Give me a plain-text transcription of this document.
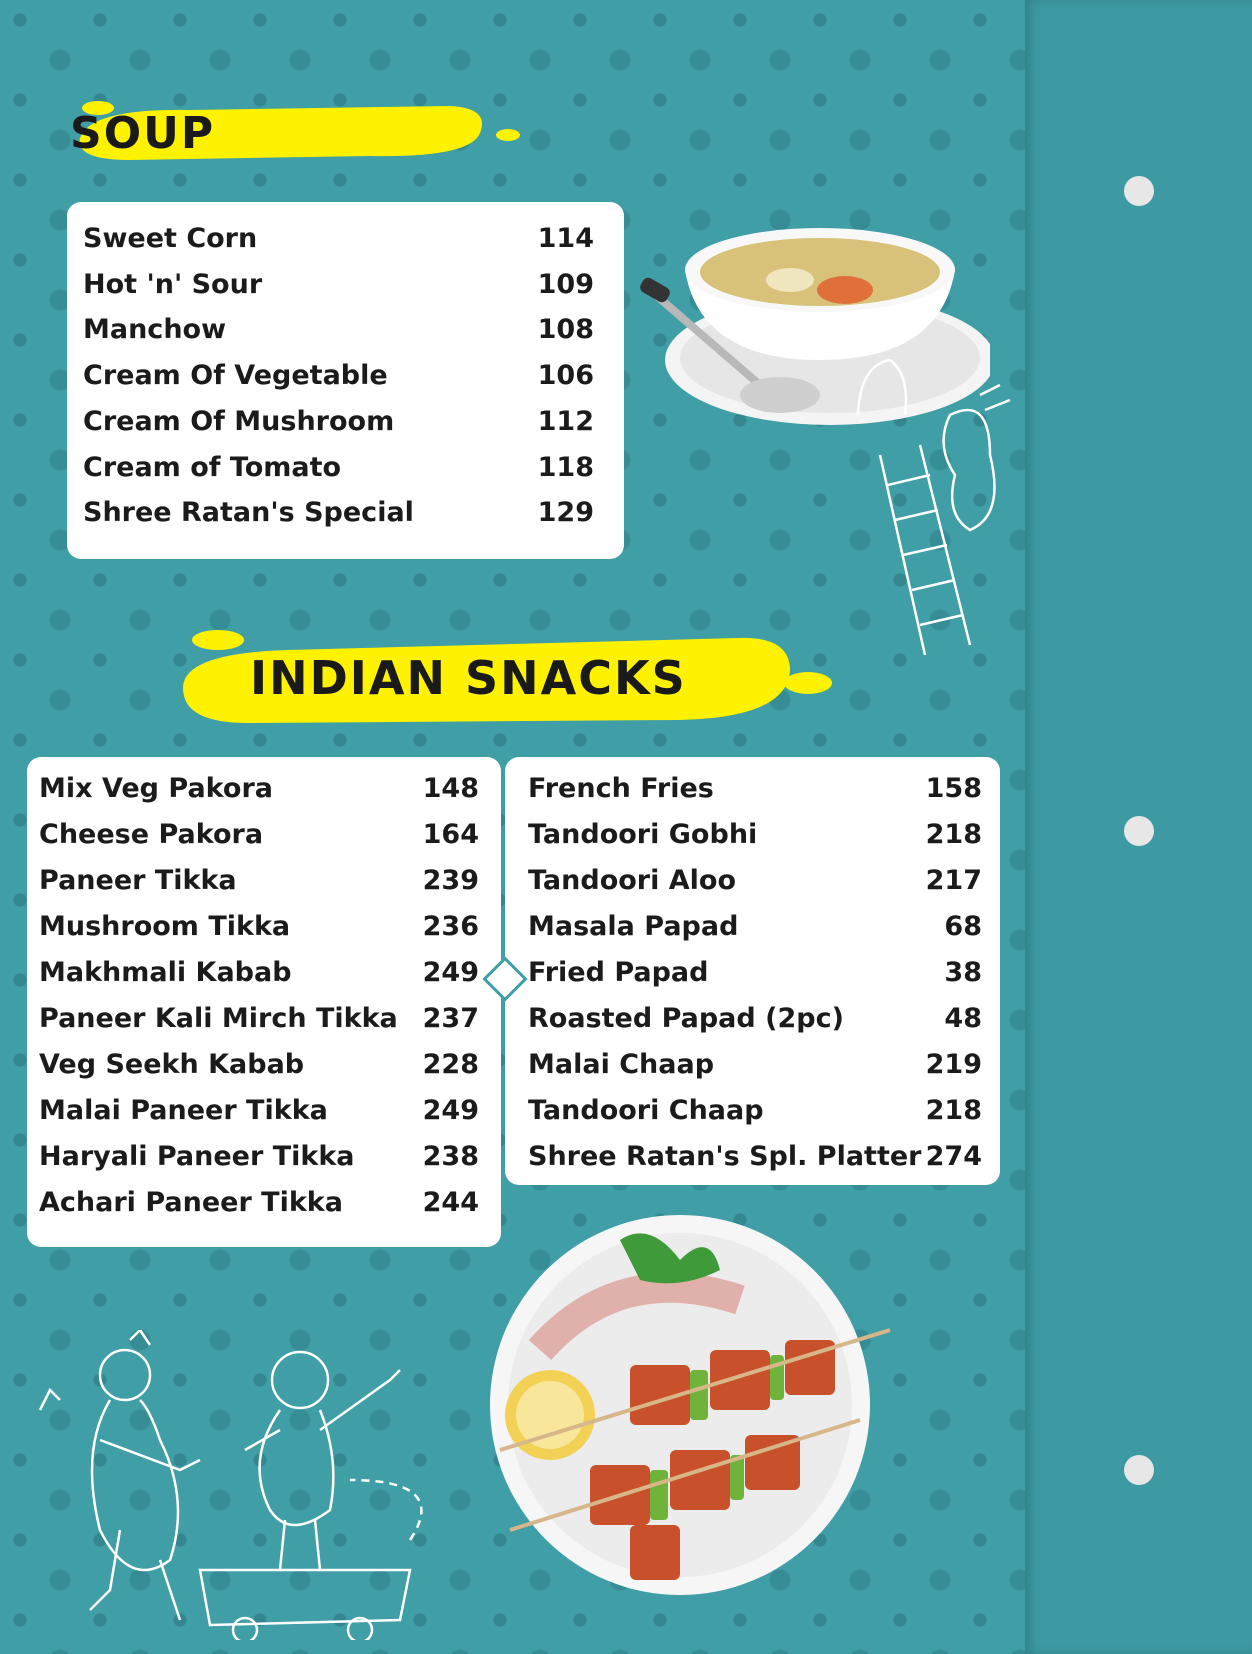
SOUP
Sweet Corn	114
Hot 'n' Sour	109
Manchow	108
Cream Of Vegetable	106
Cream Of Mushroom	112
Cream of Tomato	118
Shree Ratan's Special	129
INDIAN SNACKS
Mix Veg Pakora	148
Cheese Pakora	164
Paneer Tikka	239
Mushroom Tikka	236
Makhmali Kabab	249
Paneer Kali Mirch Tikka 237
Veg Seekh Kabab	228
Malai Paneer Tikka	249
Haryali Paneer Tikka	238
Achari Paneer Tikka	244
French Fries	158
Tandoori Gobhi	218
Tandoori Aloo	217
Masala Papad	68
Fried Papad	38
Roasted Papad (2pc)	48
Malai Chaap	219
Tandoori Chaap	218
Shree Ratan's Spl. Platter 274
